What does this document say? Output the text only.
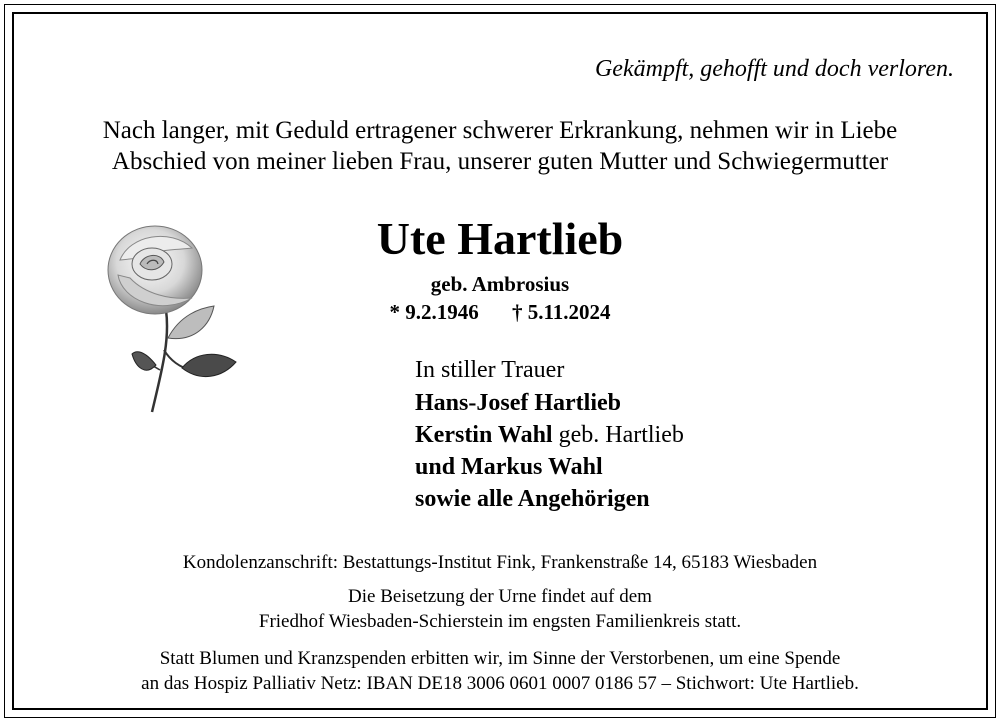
Gekämpft, gehofft und doch verloren.
Nach langer, mit Geduld ertragener schwerer Erkrankung, nehmen wir in Liebe
Abschied von meiner lieben Frau, unserer guten Mutter und Schwiegermutter
Ute Hartlieb
geb. Ambrosius
* 9.2.1946 † 5.11.2024
In stiller Trauer
Hans-Josef Hartlieb
Kerstin Wahl geb. Hartlieb
und Markus Wahl
sowie alle Angehörigen
Kondolenzanschrift: Bestattungs-Institut Fink, Frankenstraße 14, 65183 Wiesbaden
Die Beisetzung der Urne findet auf dem
Friedhof Wiesbaden-Schierstein im engsten Familienkreis statt.
Statt Blumen und Kranzspenden erbitten wir, im Sinne der Verstorbenen, um eine Spende
an das Hospiz Palliativ Netz: IBAN DE18 3006 0601 0007 0186 57 – Stichwort: Ute Hartlieb.
